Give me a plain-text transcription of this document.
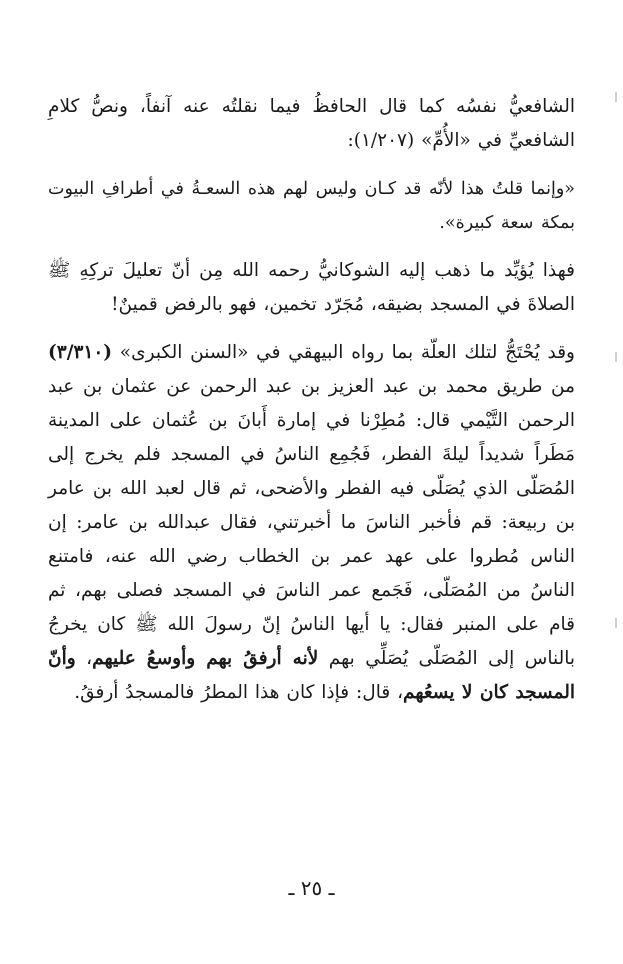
الشافعيُّ نفسُه كما قال الحافظُ فيما نقلتُه عنه آنفاً، ونصُّ كلامِ الشافعيِّ في «الأُمِّ» (١/٢٠٧):

«وإنما قلتُ هذا لأنّه قد كـان وليس لهم هذه السعـةُ في أطرافِ البيوت بمكة سعة كبيرة».

فهذا يُؤيِّد ما ذهب إليه الشوكانيُّ رحمه الله مِن أنّ تعليلَ تركِهِ ﷺ الصلاةَ في المسجد بضيقه، مُجَرّد تخمين، فهو بالرفض قمينٌ!

وقد يُحْتَجُّ لتلك العلّة بما رواه البيهقي في «السنن الكبرى» (٣/٣١٠) من طريق محمد بن عبد العزيز بن عبد الرحمن عن عثمان بن عبد الرحمن التَّيْمي قال: مُطِرْنا في إمارة أَبانَ بن عُثمان على المدينة مَطَراً شديداً ليلةَ الفطر، فَجُمِع الناسُ في المسجد فلم يخرج إلى المُصَلّى الذي يُصَلّى فيه الفطر والأضحى، ثم قال لعبد الله بن عامر بن ربيعة: قم فأخبر الناسَ ما أخبرتني، فقال عبدالله بن عامر: إن الناس مُطروا على عهد عمر بن الخطاب رضي الله عنه، فامتنع الناسُ من المُصَلّى، فَجَمع عمر الناسَ في المسجد فصلى بهم، ثم قام على المنبر فقال: يا أيها الناسُ إنّ رسولَ الله ﷺ كان يخرجُ بالناس إلى المُصَلّى يُصَلِّي بهم لأنه أرفقُ بهم وأوسعُ عليهم، وأنّ المسجد كان لا يسعُهم، قال: فإذا كان هذا المطرُ فالمسجدُ أرفقُ.

ـ ٢٥ ـ
